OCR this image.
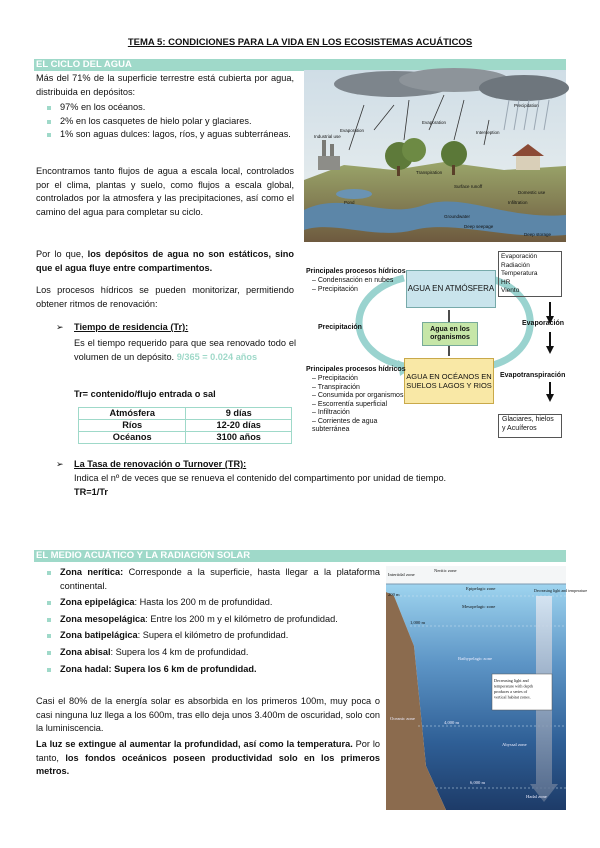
TEMA 5: CONDICIONES PARA LA VIDA EN LOS ECOSISTEMAS ACUÁTICOS
EL CICLO DEL AGUA
Más del 71% de la superficie terrestre está cubierta por agua, distribuida en depósitos:
97% en los océanos.
2% en los casquetes de hielo polar y glaciares.
1% son aguas dulces: lagos, ríos, y aguas subterráneas.
Encontramos tanto flujos de agua a escala local, controlados por el clima, plantas y suelo, como flujos a escala global, controlados por la atmosfera y las precipitaciones, así como el camino del agua para completar su ciclo.
Por lo que, los depósitos de agua no son estáticos, sino que el agua fluye entre compartimentos.
Los procesos hídricos se pueden monitorizar, permitiendo obtener ritmos de renovación:
➢ Tiempo de residencia (Tr):
Es el tiempo requerido para que sea renovado todo el volumen de un depósito. 9/365 = 0.024 años
Tr= contenido/flujo entrada o sal
Atmósfera	9 días
Ríos	12-20 días
Océanos	3100 años
➢ La Tasa de renovación o Turnover (TR):
Indica el nº de veces que se renueva el contenido del compartimento por unidad de tiempo.
TR=1/Tr
Precipitation
Evaporation
Evaporation
Interception
Industrial use
Transpiration
Surface runoff
Pond	Infiltration
Domestic use
Groundwater
Deep seepage
Deep storage
Principales procesos hídricos
– Condensación en nubes
– Precipitación	AGUA EN ATMÓSFERA
Evaporación
Radiación
Temperatura
HR
Viento
Precipitación	Agua en los organismos
Evaporación
AGUA EN OCÉANOS EN SUELOS LAGOS Y RIOS
Evapotranspiración
Principales procesos hídricos
– Precipitación
– Transpiración
– Consumida por organismos
– Escorrentía superficial
– Infiltración
– Corrientes de agua subterránea
Glaciares, hielos y Acuíferos
EL MEDIO ACUÁTICO Y LA RADIACIÓN SOLAR
Zona nerítica: Corresponde a la superficie, hasta llegar a la plataforma continental.
Zona epipelágica: Hasta los 200 m de profundidad.
Zona mesopelágica: Entre los 200 m y el kilómetro de profundidad.
Zona batipelágica: Supera el kilómetro de profundidad.
Zona abisal: Supera los 4 km de profundidad.
Zona hadal: Supera los 6 km de profundidad.
Casi el 80% de la energía solar es absorbida en los primeros 100m, muy poca o casi ninguna luz llega a los 600m, tras ello deja unos 3.400m de oscuridad, solo con la luminiscencia.
La luz se extingue al aumentar la profundidad, así como la temperatura. Por lo tanto, los fondos oceánicos poseen productividad solo en los primeros metros.
Intertidal zone
Neritic zone
Epipelagic zone
200 m
Mesopelagic zone
1,000 m
Decreasing light and temperature
Bathypelagic zone
Decreasing light and temperature with depth produces a series of vertical habitat zones.
Oceanic zone
4,000 m
Abyssal zone
Hadal zone
6,000 m
